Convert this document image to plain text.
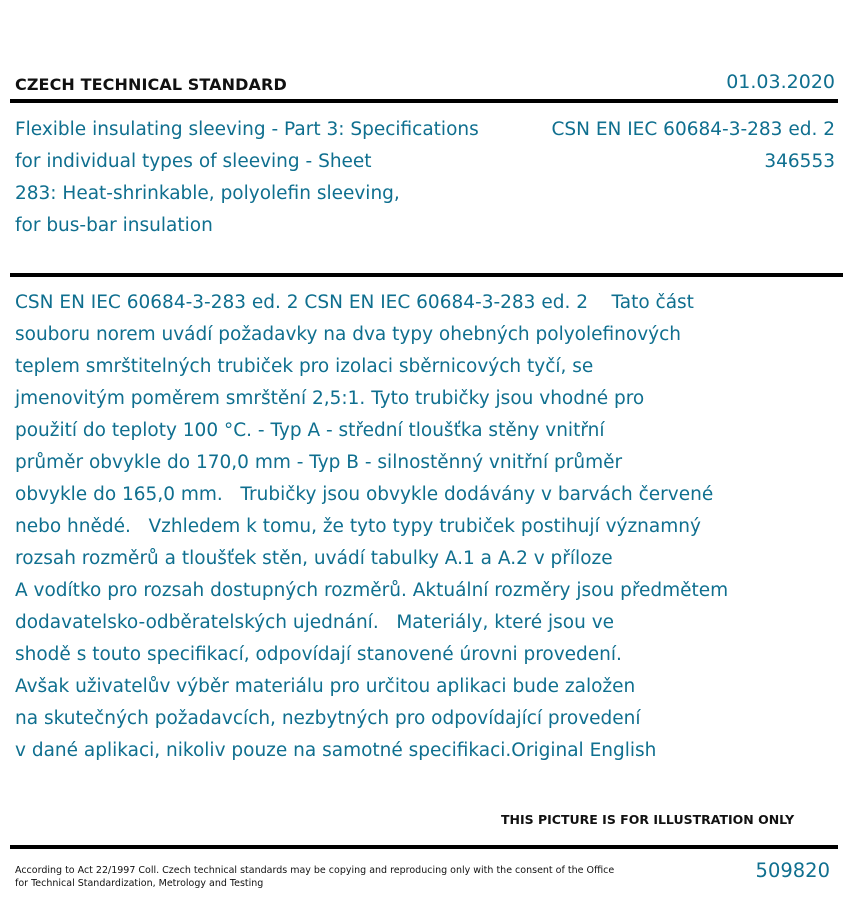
CZECH TECHNICAL STANDARD	01.03.2020
Flexible insulating sleeving - Part 3: Specifications
for individual types of sleeving - Sheet
283: Heat-shrinkable, polyolefin sleeving,
for bus-bar insulation
CSN EN IEC 60684-3-283 ed. 2
346553
CSN EN IEC 60684-3-283 ed. 2 CSN EN IEC 60684-3-283 ed. 2    Tato část
souboru norem uvádí požadavky na dva typy ohebných polyolefinových
teplem smrštitelných trubiček pro izolaci sběrnicových tyčí, se
jmenovitým poměrem smrštění 2,5:1. Tyto trubičky jsou vhodné pro
použití do teploty 100 °C. - Typ A - střední tloušťka stěny vnitřní
průměr obvykle do 170,0 mm - Typ B - silnostěnný vnitřní průměr
obvykle do 165,0 mm.   Trubičky jsou obvykle dodávány v barvách červené
nebo hnědé.   Vzhledem k tomu, že tyto typy trubiček postihují významný
rozsah rozměrů a tloušťek stěn, uvádí tabulky A.1 a A.2 v příloze
A vodítko pro rozsah dostupných rozměrů. Aktuální rozměry jsou předmětem
dodavatelsko-odběratelských ujednání.   Materiály, které jsou ve
shodě s touto specifikací, odpovídají stanovené úrovni provedení.
Avšak uživatelův výběr materiálu pro určitou aplikaci bude založen
na skutečných požadavcích, nezbytných pro odpovídající provedení
v dané aplikaci, nikoliv pouze na samotné specifikaci.Original English
THIS PICTURE IS FOR ILLUSTRATION ONLY
According to Act 22/1997 Coll. Czech technical standards may be copying and reproducing only with the consent of the Office
for Technical Standardization, Metrology and Testing
509820
